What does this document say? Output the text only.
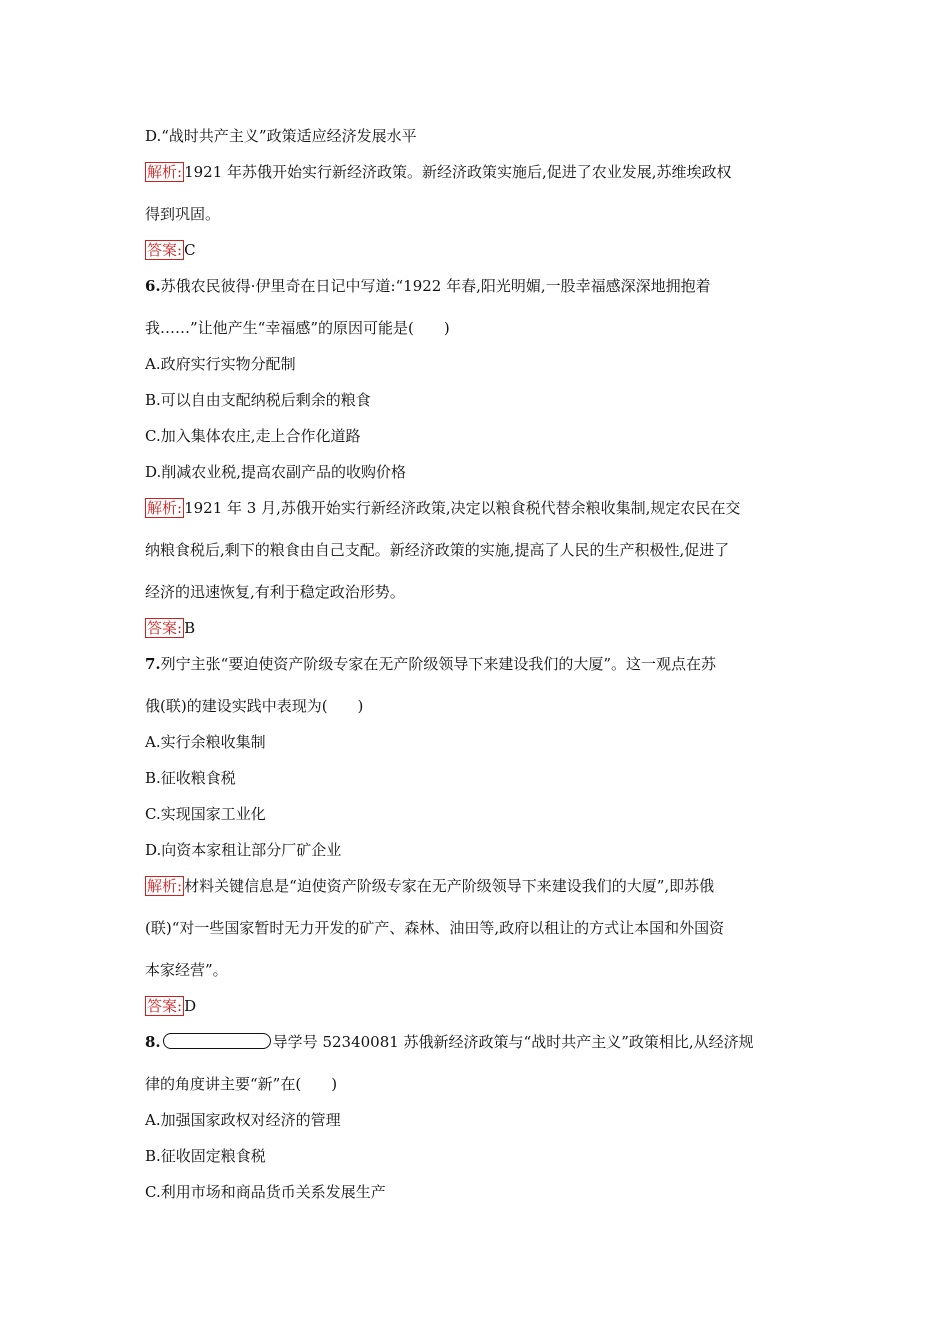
D.“战时共产主义”政策适应经济发展水平
解析: 1921 年苏俄开始实行新经济政策。新经济政策实施后,促进了农业发展,苏维埃政权
得到巩固。
答案: C
6.苏俄农民彼得·伊里奇在日记中写道:“1922 年春,阳光明媚,一股幸福感深深地拥抱着
我……”让他产生“幸福感”的原因可能是(　　)
A.政府实行实物分配制
B.可以自由支配纳税后剩余的粮食
C.加入集体农庄,走上合作化道路
D.削减农业税,提高农副产品的收购价格
解析: 1921 年 3 月,苏俄开始实行新经济政策,决定以粮食税代替余粮收集制,规定农民在交
纳粮食税后,剩下的粮食由自己支配。新经济政策的实施,提高了人民的生产积极性,促进了
经济的迅速恢复,有利于稳定政治形势。
答案: B
7.列宁主张“要迫使资产阶级专家在无产阶级领导下来建设我们的大厦”。这一观点在苏
俄(联)的建设实践中表现为(　　)
A.实行余粮收集制
B.征收粮食税
C.实现国家工业化
D.向资本家租让部分厂矿企业
解析: 材料关键信息是“迫使资产阶级专家在无产阶级领导下来建设我们的大厦”,即苏俄
(联)“对一些国家暂时无力开发的矿产、森林、油田等,政府以租让的方式让本国和外国资
本家经营”。
答案: D
8.	导学号 52340081 苏俄新经济政策与“战时共产主义”政策相比,从经济规
律的角度讲主要“新”在(　　)
A.加强国家政权对经济的管理
B.征收固定粮食税
C.利用市场和商品货币关系发展生产
